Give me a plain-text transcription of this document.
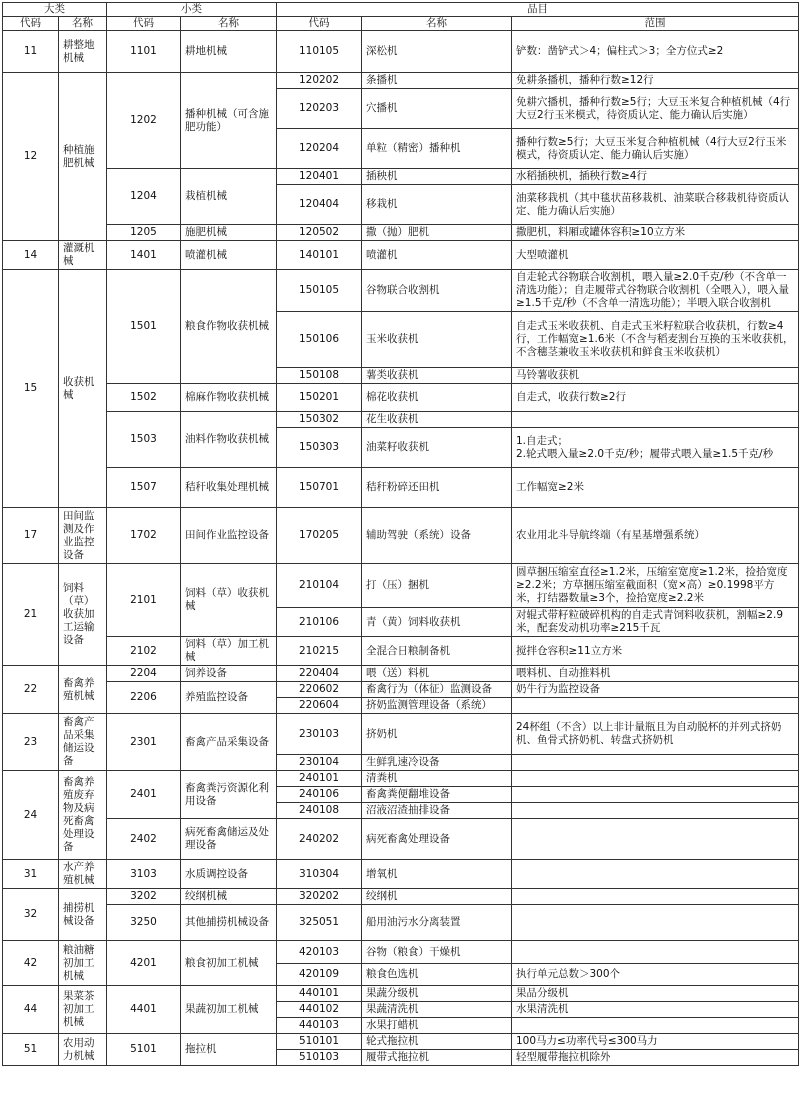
大类		小类		品目		
代码	名称	代码	名称	代码	名称	范围
11	耕整地机械	1101	耕地机械	110105	深松机	铲数：凿铲式＞4；偏柱式＞3；全方位式≥2
12	种植施肥机械	1202	播种机械（可含施肥功能）	120202	条播机	免耕条播机，播种行数≥12行
				120203	穴播机	免耕穴播机，播种行数≥5行；大豆玉米复合种植机械（4行大豆2行玉米模式，待资质认定、能力确认后实施）
				120204	单粒（精密）播种机	播种行数≥5行；大豆玉米复合种植机械（4行大豆2行玉米模式，待资质认定、能力确认后实施）
		1204	栽植机械	120401	插秧机	水稻插秧机，插秧行数≥4行
				120404	移栽机	油菜移栽机（其中毯状苗移栽机、油菜联合移栽机待资质认定、能力确认后实施）
		1205	施肥机械	120502	撒（抛）肥机	撒肥机，料厢或罐体容积≥10立方米
14	灌溉机械	1401	喷灌机械	140101	喷灌机	大型喷灌机
15	收获机械	1501	粮食作物收获机械	150105	谷物联合收割机	自走轮式谷物联合收割机，喂入量≥2.0千克/秒（不含单一清选功能）；自走履带式谷物联合收割机（全喂入），喂入量≥1.5千克/秒（不含单一清选功能）；半喂入联合收割机
				150106	玉米收获机	自走式玉米收获机、自走式玉米籽粒联合收获机，行数≥4行，工作幅宽≥1.6米（不含与稻麦割台互换的玉米收获机，不含穗茎兼收玉米收获机和鲜食玉米收获机）
				150108	薯类收获机	马铃薯收获机
		1502	棉麻作物收获机械	150201	棉花收获机	自走式，收获行数≥2行
		1503	油料作物收获机械	150302	花生收获机	
				150303	油菜籽收获机	1.自走式；
2.轮式喂入量≥2.0千克/秒；履带式喂入量≥1.5千克/秒
		1507	秸秆收集处理机械	150701	秸秆粉碎还田机	工作幅宽≥2米
17	田间监测及作业监控设备	1702	田间作业监控设备	170205	辅助驾驶（系统）设备	农业用北斗导航终端（有星基增强系统）
21	饲料（草）收获加工运输设备	2101	饲料（草）收获机械	210104	打（压）捆机	圆草捆压缩室直径≥1.2米，压缩室宽度≥1.2米，捡拾宽度≥2.2米；方草捆压缩室截面积（宽×高）≥0.1998平方米，打结器数量≥3个，捡拾宽度≥2.2米
				210106	青（黄）饲料收获机	对辊式带籽粒破碎机构的自走式青饲料收获机，割幅≥2.9米，配套发动机功率≥215千瓦
		2102	饲料（草）加工机械	210215	全混合日粮制备机	搅拌仓容积≥11立方米
22	畜禽养殖机械	2204	饲养设备	220404	喂（送）料机	喂料机、自动推料机
		2206	养殖监控设备	220602	畜禽行为（体征）监测设备	奶牛行为监控设备
				220604	挤奶监测管理设备（系统）	
23	畜禽产品采集储运设备	2301	畜禽产品采集设备	230103	挤奶机	24杯组（不含）以上非计量瓶且为自动脱杯的并列式挤奶机、鱼骨式挤奶机、转盘式挤奶机
				230104	生鲜乳速冷设备	
24	畜禽养殖废弃物及病死畜禽处理设备	2401	畜禽粪污资源化利用设备	240101	清粪机	
				240106	畜禽粪便翻堆设备	
				240108	沼液沼渣抽排设备	
		2402	病死畜禽储运及处理设备	240202	病死畜禽处理设备	
31	水产养殖机械	3103	水质调控设备	310304	增氧机	
32	捕捞机械设备	3202	绞纲机械	320202	绞纲机	
		3250	其他捕捞机械设备	325051	船用油污水分离装置	
42	粮油糖初加工机械	4201	粮食初加工机械	420103	谷物（粮食）干燥机	
				420109	粮食色选机	执行单元总数＞300个
44	果菜茶初加工机械	4401	果蔬初加工机械	440101	果蔬分级机	果品分级机
				440102	果蔬清洗机	水果清洗机
				440103	水果打蜡机	
51	农用动力机械	5101	拖拉机	510101	轮式拖拉机	100马力≤功率代号≤300马力
				510103	履带式拖拉机	轻型履带拖拉机除外
